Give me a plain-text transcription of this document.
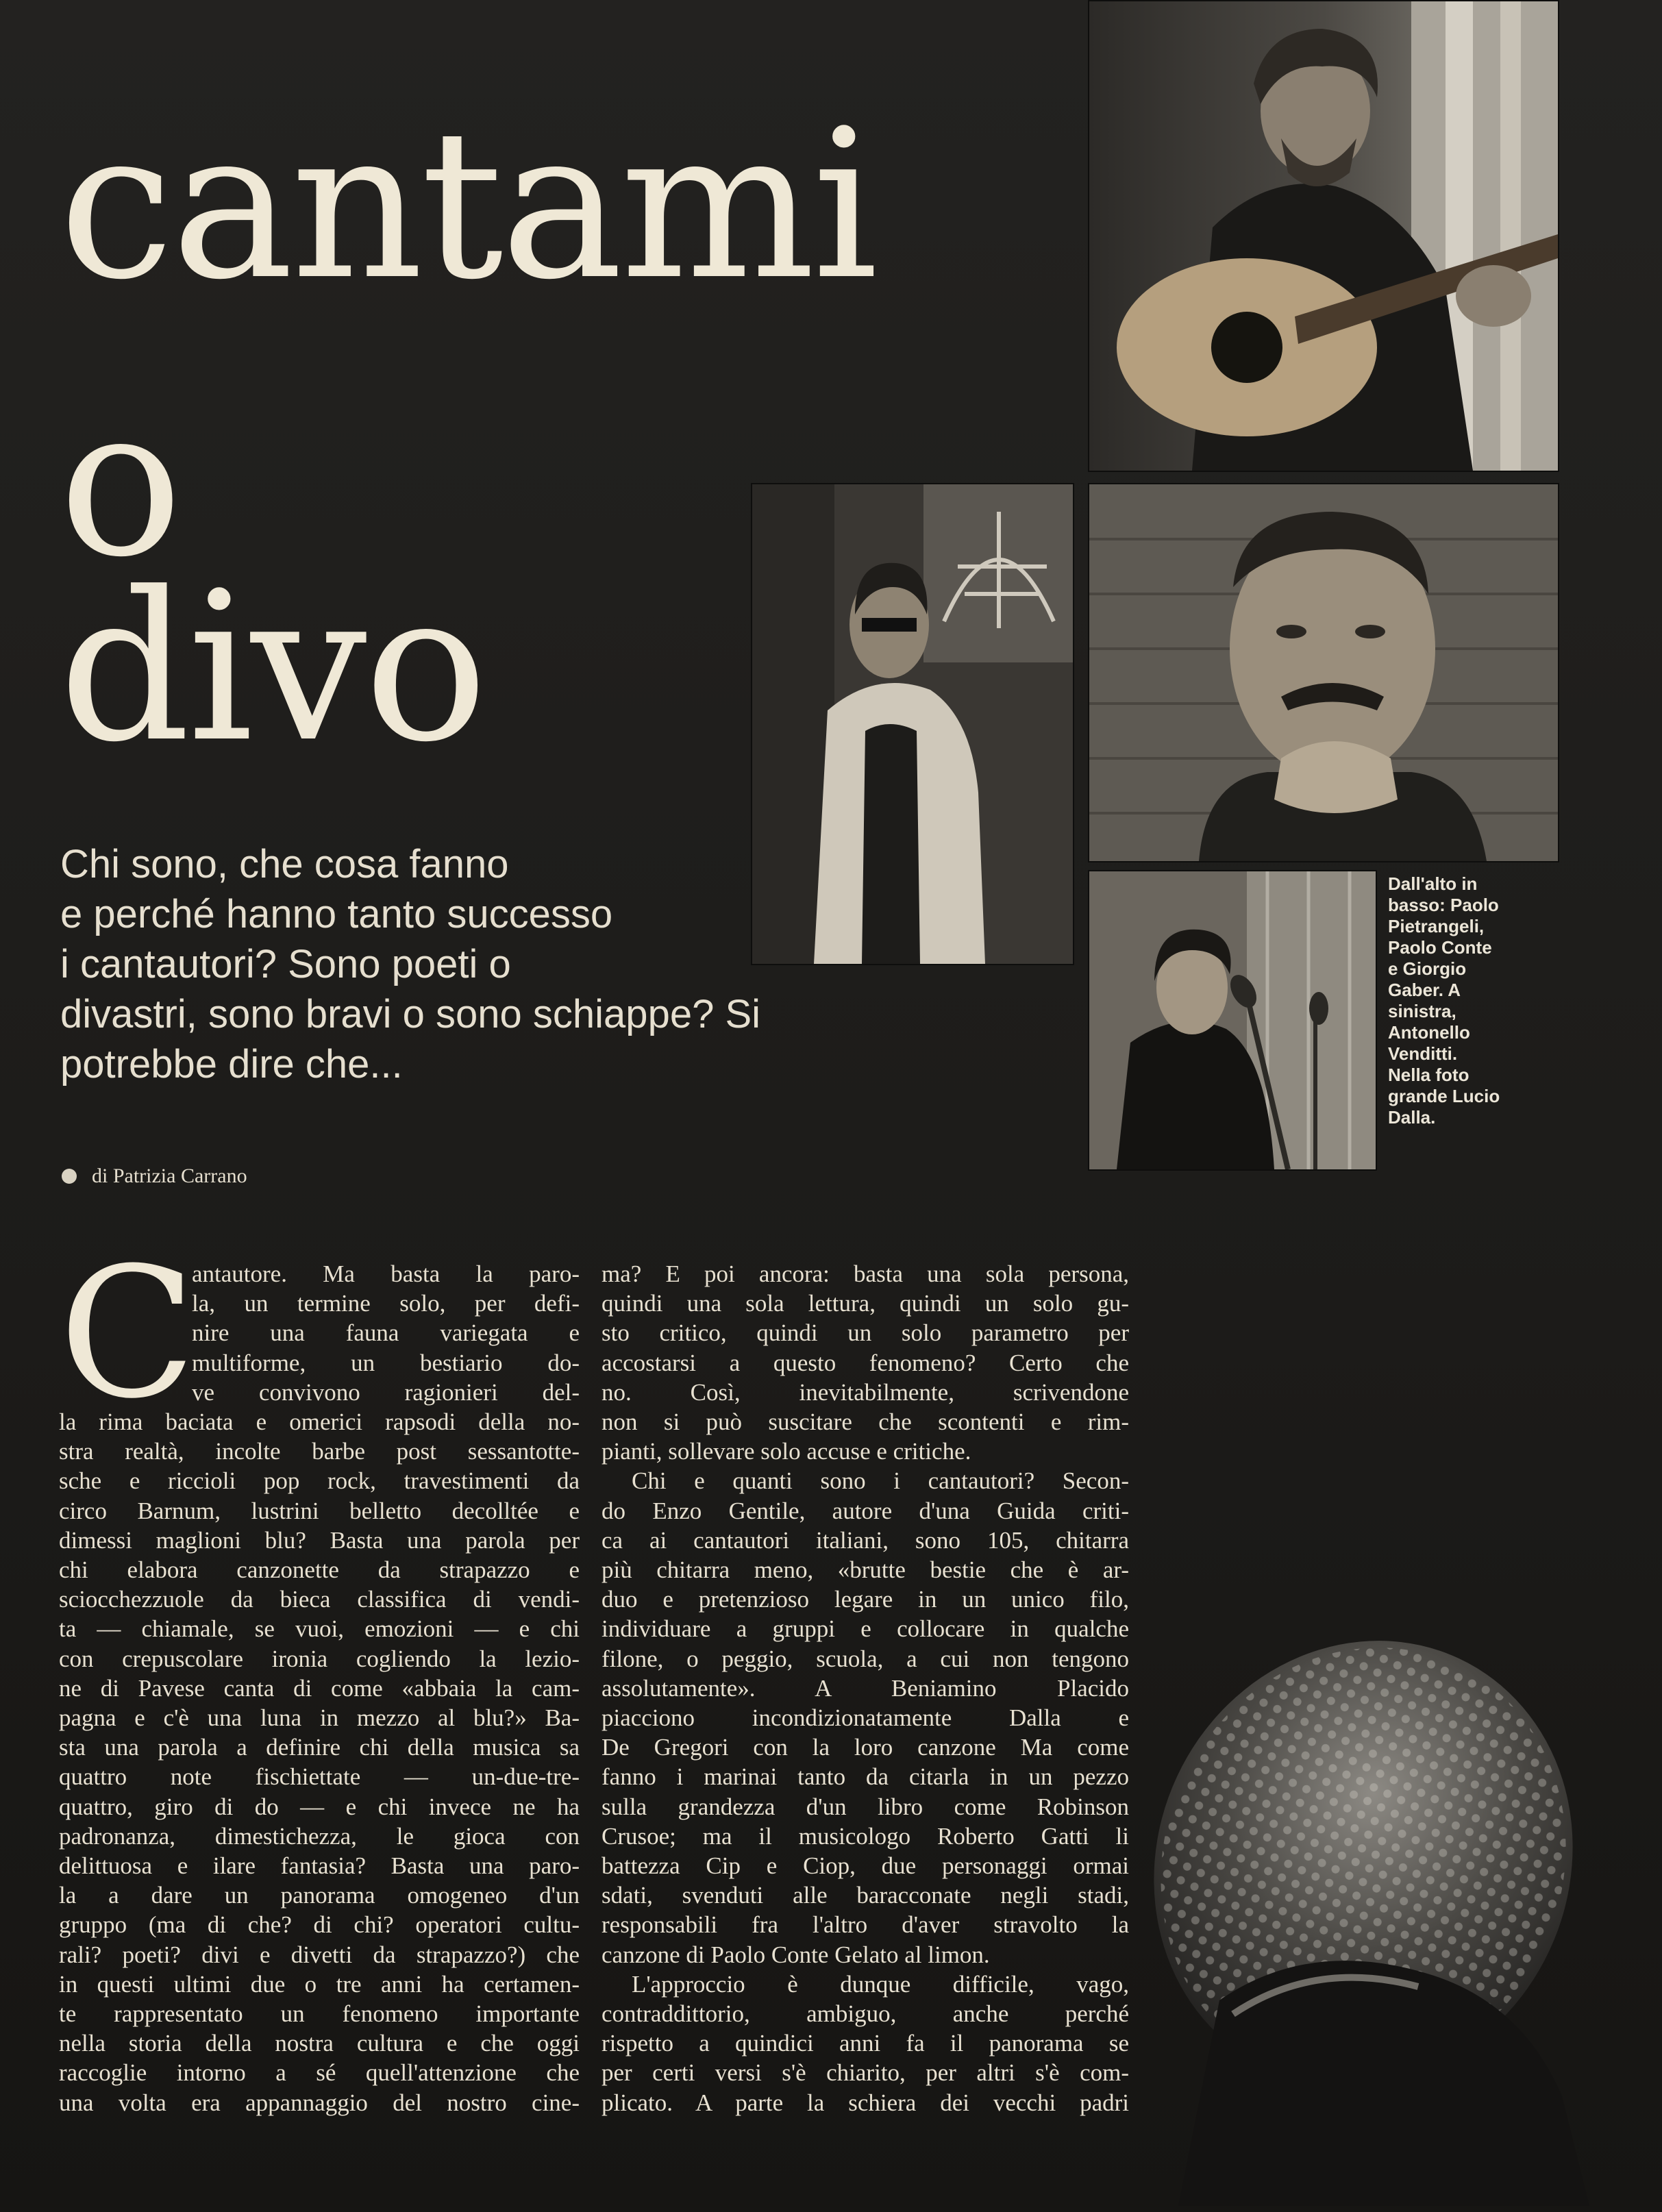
cantami
o
divo
Chi sono, che cosa fanno
e perché hanno tanto successo
i cantautori? Sono poeti o
divastri, sono bravi o sono schiappe? Si
potrebbe dire che...
di Patrizia Carrano
Dall'alto in
basso: Paolo
Pietrangeli,
Paolo Conte
e Giorgio
Gaber. A
sinistra,
Antonello
Venditti.
Nella foto
grande Lucio
Dalla.
C
antautore. Ma basta la paro-
la, un termine solo, per defi-
nire una fauna variegata e
multiforme, un bestiario do-
ve convivono ragionieri del-
la rima baciata e omerici rapsodi della no-
stra realtà, incolte barbe post sessantotte-
sche e riccioli pop rock, travestimenti da
circo Barnum, lustrini belletto decolltée e
dimessi maglioni blu? Basta una parola per
chi elabora canzonette da strapazzo e
sciocchezzuole da bieca classifica di vendi-
ta — chiamale, se vuoi, emozioni — e chi
con crepuscolare ironia cogliendo la lezio-
ne di Pavese canta di come «abbaia la cam-
pagna e c'è una luna in mezzo al blu?» Ba-
sta una parola a definire chi della musica sa
quattro note fischiettate — un-due-tre-
quattro, giro di do — e chi invece ne ha
padronanza, dimestichezza, le gioca con
delittuosa e ilare fantasia? Basta una paro-
la a dare un panorama omogeneo d'un
gruppo (ma di che? di chi? operatori cultu-
rali? poeti? divi e divetti da strapazzo?) che
in questi ultimi due o tre anni ha certamen-
te rappresentato un fenomeno importante
nella storia della nostra cultura e che oggi
raccoglie intorno a sé quell'attenzione che
una volta era appannaggio del nostro cine-
ma? E poi ancora: basta una sola persona,
quindi una sola lettura, quindi un solo gu-
sto critico, quindi un solo parametro per
accostarsi a questo fenomeno? Certo che
no. Così, inevitabilmente, scrivendone
non si può suscitare che scontenti e rim-
pianti, sollevare solo accuse e critiche.
Chi e quanti sono i cantautori? Secon-
do Enzo Gentile, autore d'una Guida criti-
ca ai cantautori italiani, sono 105, chitarra
più chitarra meno, «brutte bestie che è ar-
duo e pretenzioso legare in un unico filo,
individuare a gruppi e collocare in qualche
filone, o peggio, scuola, a cui non tengono
assolutamente». A Beniamino Placido
piacciono incondizionatamente Dalla e
De Gregori con la loro canzone Ma come
fanno i marinai tanto da citarla in un pezzo
sulla grandezza d'un libro come Robinson
Crusoe; ma il musicologo Roberto Gatti li
battezza Cip e Ciop, due personaggi ormai
sdati, svenduti alle baracconate negli stadi,
responsabili fra l'altro d'aver stravolto la
canzone di Paolo Conte Gelato al limon.
L'approccio è dunque difficile, vago,
contraddittorio, ambiguo, anche perché
rispetto a quindici anni fa il panorama se
per certi versi s'è chiarito, per altri s'è com-
plicato. A parte la schiera dei vecchi padri
